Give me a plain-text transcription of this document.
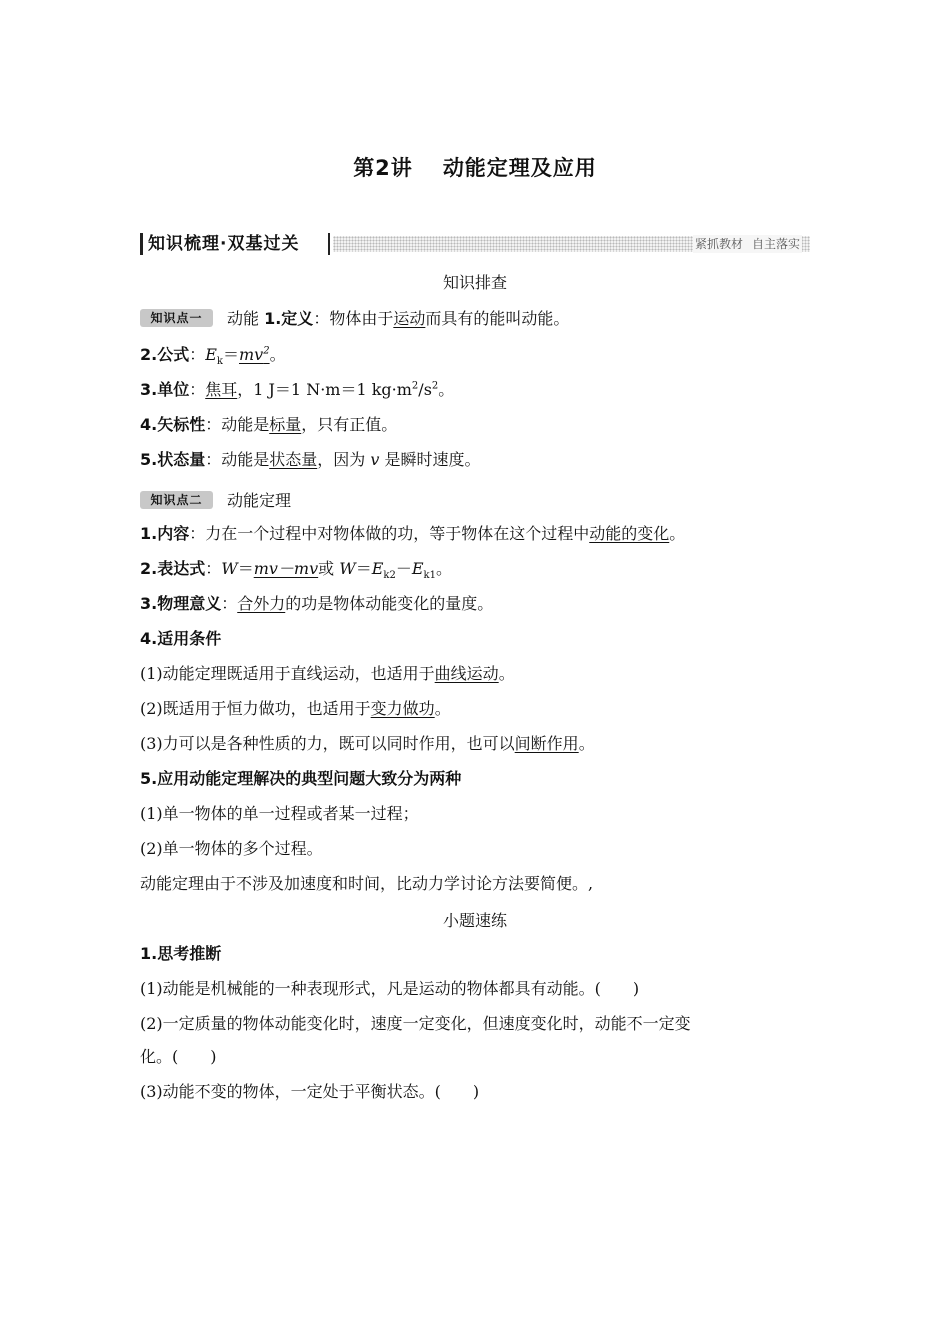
第2讲 动能定理及应用
知识梳理·双基过关	紧抓教材 自主落实
知识排查
知识点一 动能 1.定义：物体由于运动而具有的能叫动能。
2.公式：$E_k=mv^2$。
3.单位：焦耳，1 J＝1 N·m＝1 $kg\cdot m^2/s^2$。
4.矢标性：动能是标量，只有正值。
5.状态量：动能是状态量，因为 v 是瞬时速度。
知识点二 动能定理
1.内容：力在一个过程中对物体做的功，等于物体在这个过程中动能的变化。
2.表达式：W＝mv－mv或 $W=E_{k2}-E_{k1}$。
3.物理意义：合外力的功是物体动能变化的量度。
4.适用条件
(1)动能定理既适用于直线运动，也适用于曲线运动。
(2)既适用于恒力做功，也适用于变力做功。
(3)力可以是各种性质的力，既可以同时作用，也可以间断作用。
5.应用动能定理解决的典型问题大致分为两种
(1)单一物体的单一过程或者某一过程；
(2)单一物体的多个过程。
动能定理由于不涉及加速度和时间，比动力学讨论方法要简便。,
小题速练
1.思考推断
(1)动能是机械能的一种表现形式，凡是运动的物体都具有动能。(　　)
(2)一定质量的物体动能变化时，速度一定变化，但速度变化时，动能不一定变
化。(　　)
(3)动能不变的物体，一定处于平衡状态。(　　)
